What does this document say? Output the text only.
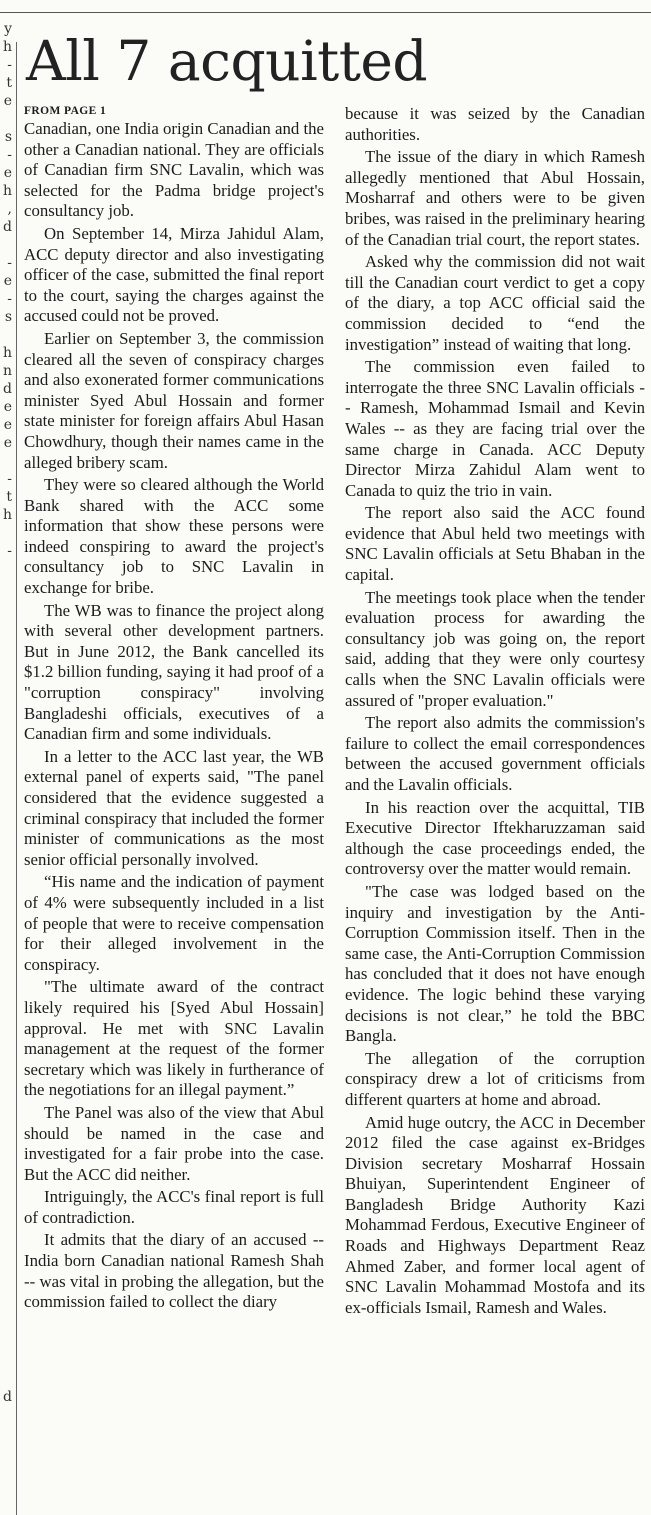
y
h
-
t
e
s
-
e
h
,
d
-
e
-
s
h
n
d
e
e
e
-
t
h
-
d
All 7 acquitted
FROM PAGE 1

Canadian, one India origin Canadian and the other a Canadian national. They are officials of Canadian firm SNC Lavalin, which was selected for the Padma bridge project's consultancy job.

On September 14, Mirza Jahidul Alam, ACC deputy director and also investigating officer of the case, submitted the final report to the court, saying the charges against the accused could not be proved.

Earlier on September 3, the commission cleared all the seven of conspiracy charges and also exonerated former communications minister Syed Abul Hossain and former state minister for foreign affairs Abul Hasan Chowdhury, though their names came in the alleged bribery scam.

They were so cleared although the World Bank shared with the ACC some information that show these persons were indeed conspiring to award the project's consultancy job to SNC Lavalin in exchange for bribe.

The WB was to finance the project along with several other development partners. But in June 2012, the Bank cancelled its $1.2 billion funding, saying it had proof of a "corruption conspiracy" involving Bangladeshi officials, executives of a Canadian firm and some individuals.

In a letter to the ACC last year, the WB external panel of experts said, "The panel considered that the evidence suggested a criminal conspiracy that included the former minister of communications as the most senior official personally involved.

“His name and the indication of payment of 4% were subsequently included in a list of people that were to receive compensation for their alleged involvement in the conspiracy.

"The ultimate award of the contract likely required his [Syed Abul Hossain] approval. He met with SNC Lavalin management at the request of the former secretary which was likely in furtherance of the negotiations for an illegal payment.”

The Panel was also of the view that Abul should be named in the case and investigated for a fair probe into the case. But the ACC did neither.

Intriguingly, the ACC's final report is full of contradiction.

It admits that the diary of an accused -- India born Canadian national Ramesh Shah -- was vital in probing the allegation, but the commission failed to collect the diary

because it was seized by the Canadian authorities.

The issue of the diary in which Ramesh allegedly mentioned that Abul Hossain, Mosharraf and others were to be given bribes, was raised in the preliminary hearing of the Canadian trial court, the report states.

Asked why the commission did not wait till the Canadian court verdict to get a copy of the diary, a top ACC official said the commission decided to “end the investigation” instead of waiting that long.

The commission even failed to interrogate the three SNC Lavalin officials -- Ramesh, Mohammad Ismail and Kevin Wales -- as they are facing trial over the same charge in Canada. ACC Deputy Director Mirza Zahidul Alam went to Canada to quiz the trio in vain.

The report also said the ACC found evidence that Abul held two meetings with SNC Lavalin officials at Setu Bhaban in the capital.

The meetings took place when the tender evaluation process for awarding the consultancy job was going on, the report said, adding that they were only courtesy calls when the SNC Lavalin officials were assured of "proper evaluation."

The report also admits the commission's failure to collect the email correspondences between the accused government officials and the Lavalin officials.

In his reaction over the acquittal, TIB Executive Director Iftekharuzzaman said although the case proceedings ended, the controversy over the matter would remain.

"The case was lodged based on the inquiry and investigation by the Anti-Corruption Commission itself. Then in the same case, the Anti-Corruption Commission has concluded that it does not have enough evidence. The logic behind these varying decisions is not clear,” he told the BBC Bangla.

The allegation of the corruption conspiracy drew a lot of criticisms from different quarters at home and abroad.

Amid huge outcry, the ACC in December 2012 filed the case against ex-Bridges Division secretary Mosharraf Hossain Bhuiyan, Superintendent Engineer of Bangladesh Bridge Authority Kazi Mohammad Ferdous, Executive Engineer of Roads and Highways Department Reaz Ahmed Zaber, and former local agent of SNC Lavalin Mohammad Mostofa and its ex-officials Ismail, Ramesh and Wales.
